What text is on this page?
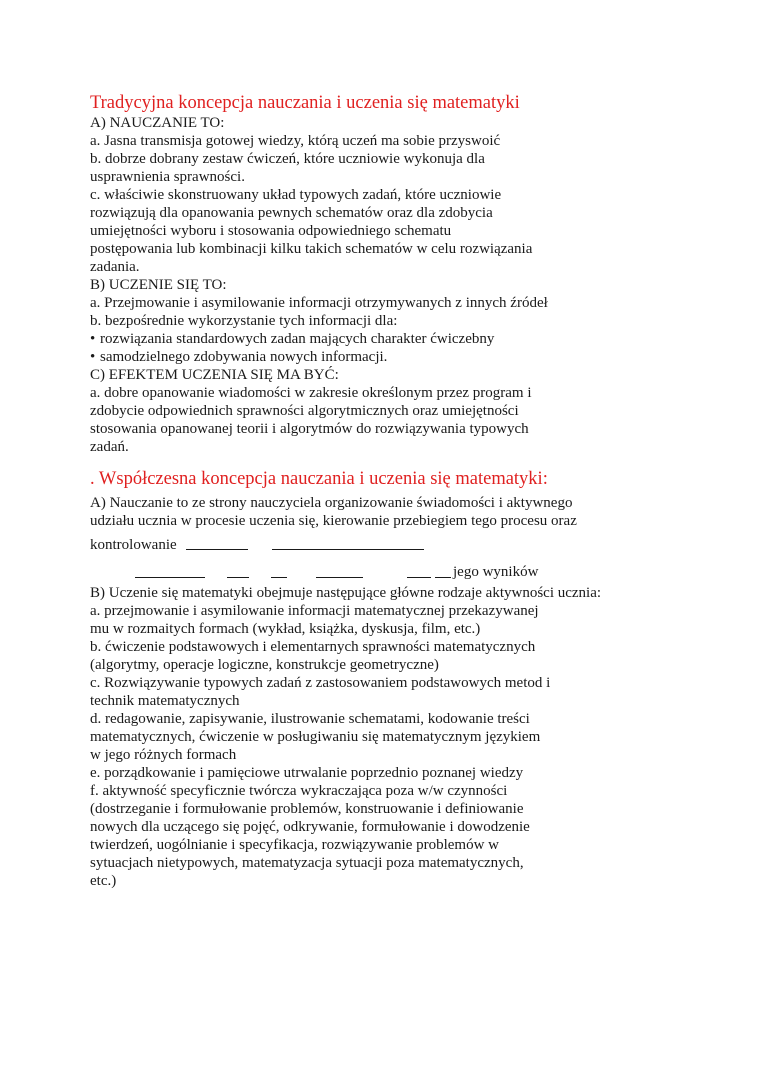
Tradycyjna koncepcja nauczania i uczenia się matematyki
A) NAUCZANIE TO:
a. Jasna transmisja gotowej wiedzy, którą uczeń ma sobie przyswoić
b. dobrze dobrany zestaw ćwiczeń, które uczniowie wykonuja dla
usprawnienia sprawności.
c. właściwie skonstruowany układ typowych zadań, które uczniowie
rozwiązują dla opanowania pewnych schematów oraz dla zdobycia
umiejętności wyboru i stosowania odpowiedniego schematu
postępowania lub kombinacji kilku takich schematów w celu rozwiązania
zadania.
B) UCZENIE SIĘ TO:
a. Przejmowanie i asymilowanie informacji otrzymywanych z innych źródeł
b. bezpośrednie wykorzystanie tych informacji dla:
• rozwiązania standardowych zadan mających charakter ćwiczebny
• samodzielnego zdobywania nowych informacji.
C) EFEKTEM UCZENIA SIĘ MA BYĆ:
a. dobre opanowanie wiadomości w zakresie określonym przez program i
zdobycie odpowiednich sprawności algorytmicznych oraz umiejętności
stosowania opanowanej teorii i algorytmów do rozwiązywania typowych
zadań.
. Współczesna koncepcja nauczania i uczenia się matematyki:
A) Nauczanie to ze strony nauczyciela organizowanie świadomości i aktywnego
udziału ucznia w procesie uczenia się, kierowanie przebiegiem tego procesu oraz
kontrolowanie
jego wyników
B) Uczenie się matematyki obejmuje następujące główne rodzaje aktywności ucznia:
a. przejmowanie i asymilowanie informacji matematycznej przekazywanej
mu w rozmaitych formach (wykład, książka, dyskusja, film, etc.)
b. ćwiczenie podstawowych i elementarnych sprawności matematycznych
(algorytmy, operacje logiczne, konstrukcje geometryczne)
c. Rozwiązywanie typowych zadań z zastosowaniem podstawowych metod i
technik matematycznych
d. redagowanie, zapisywanie, ilustrowanie schematami, kodowanie treści
matematycznych, ćwiczenie w posługiwaniu się matematycznym językiem
w jego różnych formach
e. porządkowanie i pamięciowe utrwalanie poprzednio poznanej wiedzy
f. aktywność specyficznie twórcza wykraczająca poza w/w czynności
(dostrzeganie i formułowanie problemów, konstruowanie i definiowanie
nowych dla uczącego się pojęć, odkrywanie, formułowanie i dowodzenie
twierdzeń, uogólnianie i specyfikacja, rozwiązywanie problemów w
sytuacjach nietypowych, matematyzacja sytuacji poza matematycznych,
etc.)
